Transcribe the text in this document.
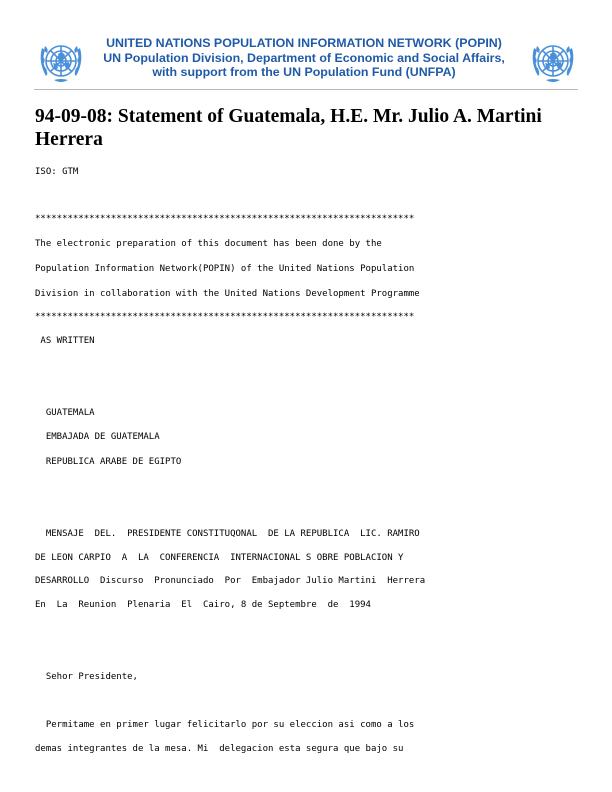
UNITED NATIONS POPULATION INFORMATION NETWORK (POPIN)
UN Population Division, Department of Economic and Social Affairs,
with support from the UN Population Fund (UNFPA)
94-09-08: Statement of Guatemala, H.E. Mr. Julio A. Martini Herrera
ISO: GTM
**********************************************************************
The electronic preparation of this document has been done by the
Population Information Network(POPIN) of the United Nations Population
Division in collaboration with the United Nations Development Programme
**********************************************************************
AS WRITTEN
GUATEMALA
EMBAJADA DE GUATEMALA
REPUBLICA ARABE DE EGIPTO
MENSAJE  DEL.  PRESIDENTE CONSTITUQONAL  DE LA REPUBLICA  LIC. RAMIRO
DE LEON CARPIO  A  LA  CONFERENCIA  INTERNACIONAL S OBRE POBLACION Y
DESARROLLO  Discurso  Pronunciado  Por  Embajador Julio Martini  Herrera
En  La  Reunion  Plenaria  El  Cairo, 8 de Septembre  de  1994
Sehor Presidente,
Permitame en primer lugar felicitarlo por su eleccion asi como a los
demas integrantes de la mesa. Mi  delegacion esta segura que bajo su
